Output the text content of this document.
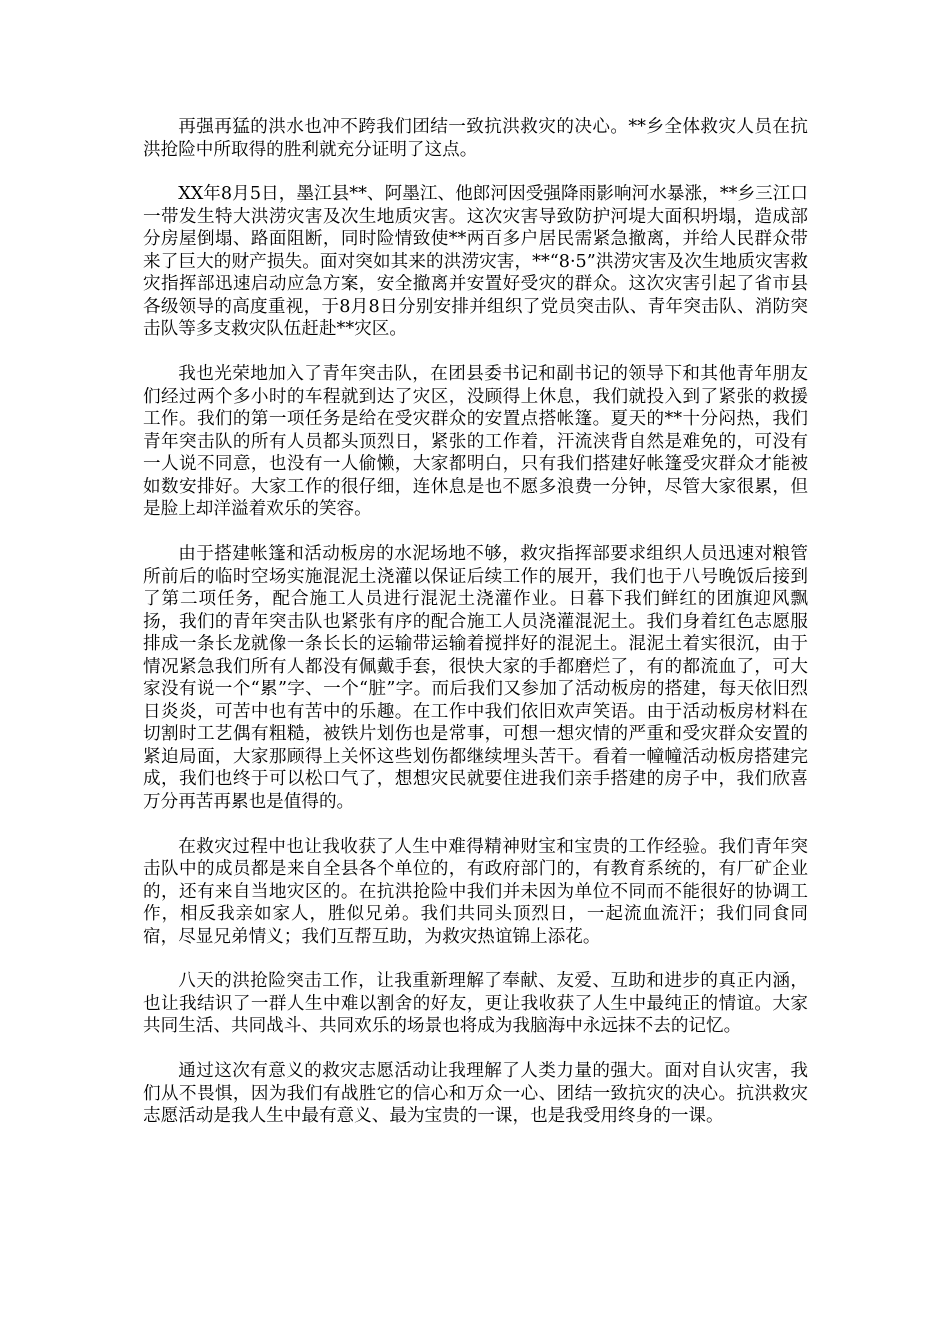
再强再猛的洪水也冲不跨我们团结一致抗洪救灾的决心。**乡全体救灾人员在抗洪抢险中所取得的胜利就充分证明了这点。

XX年8月5日，墨江县**、阿墨江、他郎河因受强降雨影响河水暴涨，**乡三江口一带发生特大洪涝灾害及次生地质灾害。这次灾害导致防护河堤大面积坍塌，造成部分房屋倒塌、路面阻断，同时险情致使**两百多户居民需紧急撤离，并给人民群众带来了巨大的财产损失。面对突如其来的洪涝灾害，**“8·5”洪涝灾害及次生地质灾害救灾指挥部迅速启动应急方案，安全撤离并安置好受灾的群众。这次灾害引起了省市县各级领导的高度重视，于8月8日分别安排并组织了党员突击队、青年突击队、消防突击队等多支救灾队伍赶赴**灾区。

我也光荣地加入了青年突击队，在团县委书记和副书记的领导下和其他青年朋友们经过两个多小时的车程就到达了灾区，没顾得上休息，我们就投入到了紧张的救援工作。我们的第一项任务是给在受灾群众的安置点搭帐篷。夏天的**十分闷热，我们青年突击队的所有人员都头顶烈日，紧张的工作着，汗流浃背自然是难免的，可没有一人说不同意，也没有一人偷懒，大家都明白，只有我们搭建好帐篷受灾群众才能被如数安排好。大家工作的很仔细，连休息是也不愿多浪费一分钟，尽管大家很累，但是脸上却洋溢着欢乐的笑容。

由于搭建帐篷和活动板房的水泥场地不够，救灾指挥部要求组织人员迅速对粮管所前后的临时空场实施混泥土浇灌以保证后续工作的展开，我们也于八号晚饭后接到了第二项任务，配合施工人员进行混泥土浇灌作业。日暮下我们鲜红的团旗迎风飘扬，我们的青年突击队也紧张有序的配合施工人员浇灌混泥土。我们身着红色志愿服排成一条长龙就像一条长长的运输带运输着搅拌好的混泥土。混泥土着实很沉，由于情况紧急我们所有人都没有佩戴手套，很快大家的手都磨烂了，有的都流血了，可大家没有说一个“累”字、一个“脏”字。而后我们又参加了活动板房的搭建，每天依旧烈日炎炎，可苦中也有苦中的乐趣。在工作中我们依旧欢声笑语。由于活动板房材料在切割时工艺偶有粗糙，被铁片划伤也是常事，可想一想灾情的严重和受灾群众安置的紧迫局面，大家那顾得上关怀这些划伤都继续埋头苦干。看着一幢幢活动板房搭建完成，我们也终于可以松口气了，想想灾民就要住进我们亲手搭建的房子中，我们欣喜万分再苦再累也是值得的。

在救灾过程中也让我收获了人生中难得精神财宝和宝贵的工作经验。我们青年突击队中的成员都是来自全县各个单位的，有政府部门的，有教育系统的，有厂矿企业的，还有来自当地灾区的。在抗洪抢险中我们并未因为单位不同而不能很好的协调工作，相反我亲如家人，胜似兄弟。我们共同头顶烈日，一起流血流汗；我们同食同宿，尽显兄弟情义；我们互帮互助，为救灾热谊锦上添花。

八天的洪抢险突击工作，让我重新理解了奉献、友爱、互助和进步的真正内涵，也让我结识了一群人生中难以割舍的好友，更让我收获了人生中最纯正的情谊。大家共同生活、共同战斗、共同欢乐的场景也将成为我脑海中永远抹不去的记忆。

通过这次有意义的救灾志愿活动让我理解了人类力量的强大。面对自认灾害，我们从不畏惧，因为我们有战胜它的信心和万众一心、团结一致抗灾的决心。抗洪救灾志愿活动是我人生中最有意义、最为宝贵的一课，也是我受用终身的一课。
